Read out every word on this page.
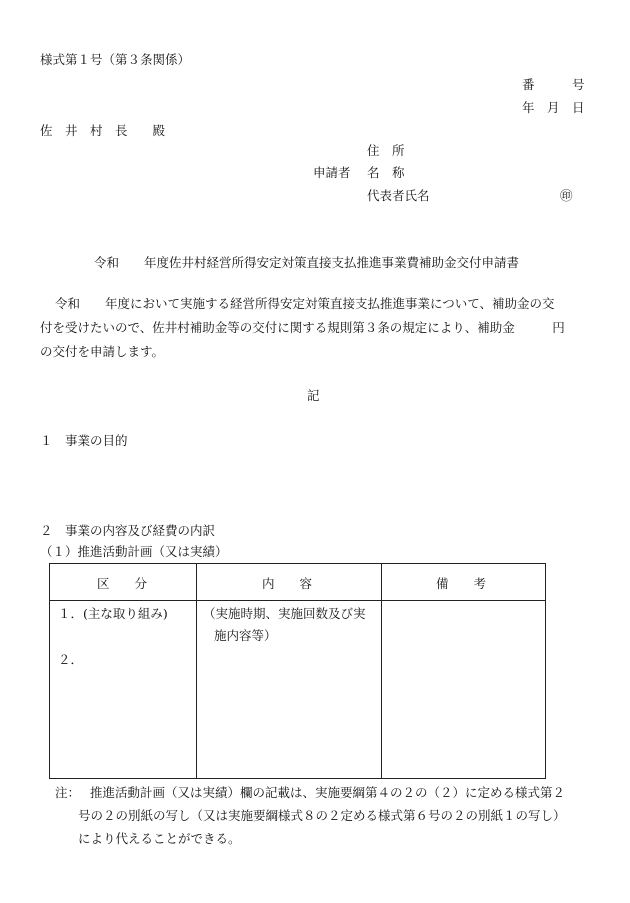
様式第１号（第３条関係）
番　　　号
年　月　日
佐　井　村　長　　殿
住　所
申請者 名　称
代表者氏名	㊞
令和　　年度佐井村経営所得安定対策直接支払推進事業費補助金交付申請書
令和　　年度において実施する経営所得安定対策直接支払推進事業について、補助金の交
付を受けたいので、佐井村補助金等の交付に関する規則第３条の規定により、補助金　　　円
の交付を申請します。
記
１　事業の目的
２　事業の内容及び経費の内訳
（１）推進活動計画（又は実績）
区　　分	内　　容	備　　考
１．(主な取り組み)	（実施時期、実施回数及び実
施内容等）
２．
注： 推進活動計画（又は実績）欄の記載は、実施要綱第４の２の（２）に定める様式第２
号の２の別紙の写し（又は実施要綱様式８の２定める様式第６号の２の別紙１の写し）
により代えることができる。
